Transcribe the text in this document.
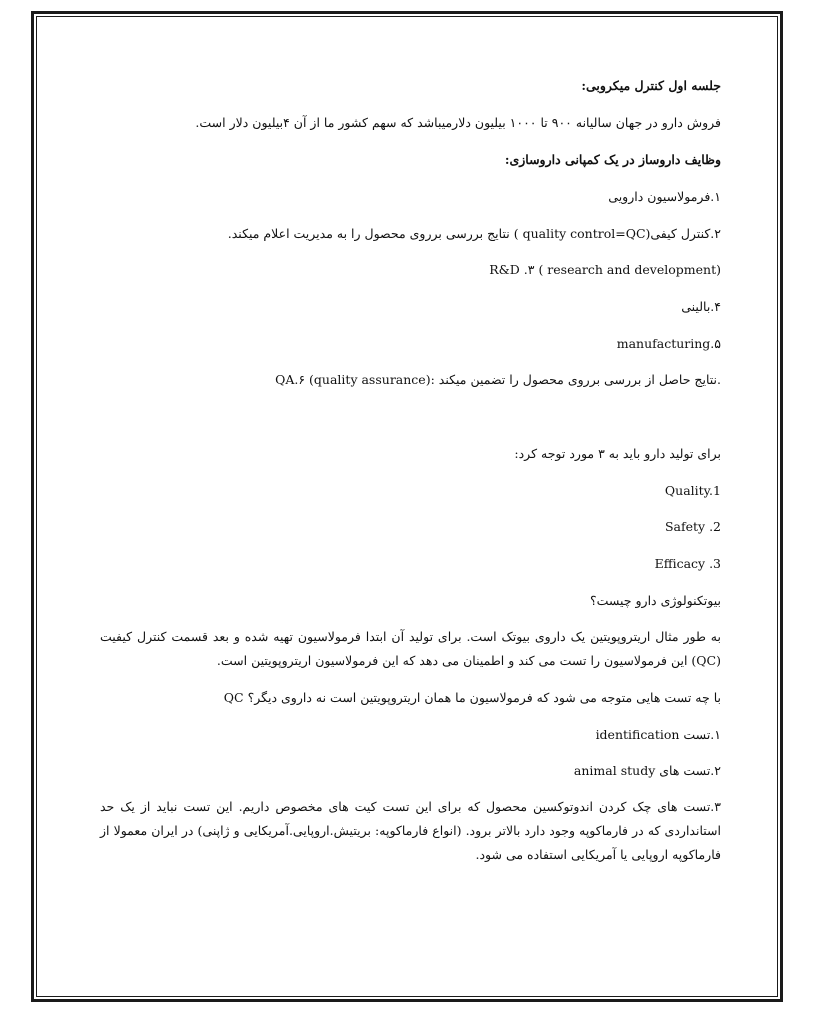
جلسه اول کنترل میکروبی:
فروش دارو در جهان سالیانه ۹۰۰ تا ۱۰۰۰ بیلیون دلارمیباشد که سهم کشور ما از آن ۴بیلیون دلار است.
وظایف داروساز در یک کمپانی داروسازی:
۱.فرمولاسیون دارویی
۲.کنترل کیفی(quality control=QC ) نتایج بررسی برروی محصول را به مدیریت اعلام میکند.
R&D .۳ ( research and development)
۴.بالینی
manufacturing.۵
QA.۶ (quality assurance): نتایج حاصل از بررسی برروی محصول را تضمین میکند.
برای تولید دارو باید به ۳ مورد توجه کرد:
Quality.1
Safety .2
Efficacy .3
بیوتکنولوژی دارو چیست؟
به طور مثال اریتروپویتین یک داروی بیوتک است. برای تولید آن ابتدا فرمولاسیون تهیه شده و بعد قسمت کنترل کیفیت (QC) این فرمولاسیون را تست می کند و اطمینان می دهد که این فرمولاسیون اریتروپویتین است.
QC با چه تست هایی متوجه می شود که فرمولاسیون ما همان اریتروپویتین است نه داروی دیگر؟
۱.تست identification
۲.تست های animal study
۳.تست های چک کردن اندوتوکسین محصول که برای این تست کیت های مخصوص داریم. این تست نباید از یک حد استانداردی که در فارماکوپه وجود دارد بالاتر برود. (انواع فارماکوپه: بریتیش.اروپایی.آمریکایی و ژاپنی) در ایران معمولا از فارماکوپه اروپایی یا آمریکایی استفاده می شود.
